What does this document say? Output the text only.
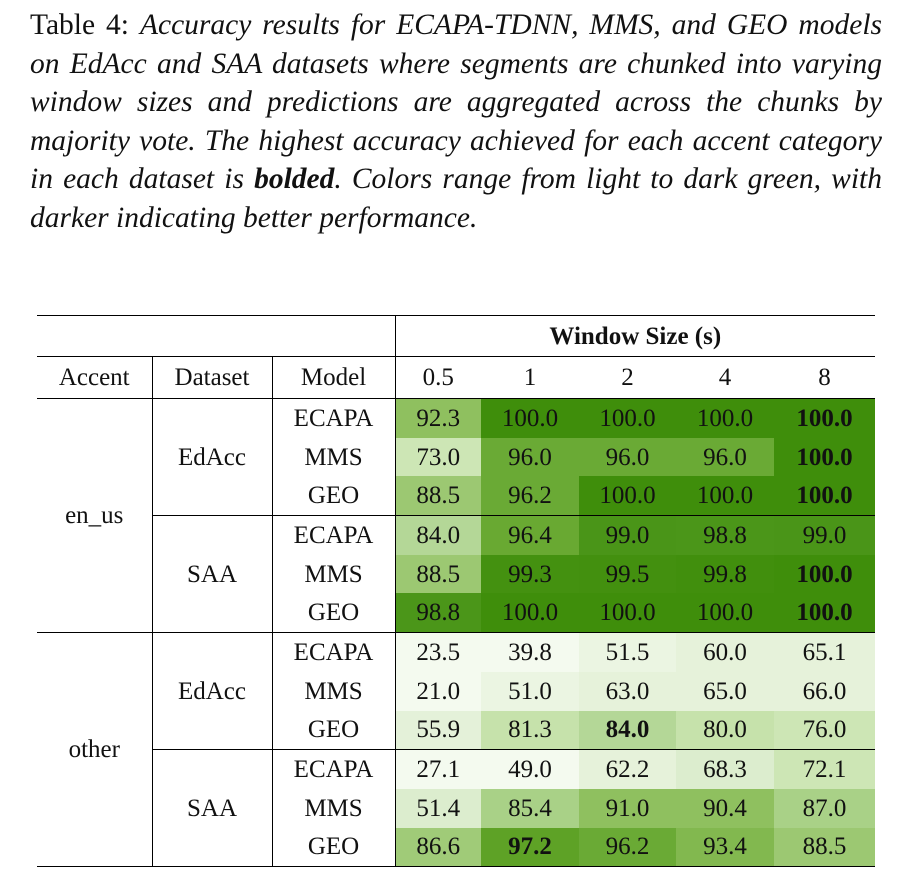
Table 4: Accuracy results for ECAPA-TDNN, MMS, and GEO models on EdAcc and SAA datasets where segments are chunked into varying window sizes and predictions are aggregated across the chunks by majority vote. The highest accuracy achieved for each accent category in each dataset is bolded. Colors range from light to dark green, with darker indicating better performance.
			Window Size (s)				
Accent	Dataset	Model	0.5	1	2	4	8
en_us	EdAcc	ECAPA	92.3	100.0	100.0	100.0	100.0
		MMS	73.0	96.0	96.0	96.0	100.0
		GEO	88.5	96.2	100.0	100.0	100.0
	SAA	ECAPA	84.0	96.4	99.0	98.8	99.0
		MMS	88.5	99.3	99.5	99.8	100.0
		GEO	98.8	100.0	100.0	100.0	100.0
other	EdAcc	ECAPA	23.5	39.8	51.5	60.0	65.1
		MMS	21.0	51.0	63.0	65.0	66.0
		GEO	55.9	81.3	84.0	80.0	76.0
	SAA	ECAPA	27.1	49.0	62.2	68.3	72.1
		MMS	51.4	85.4	91.0	90.4	87.0
		GEO	86.6	97.2	96.2	93.4	88.5
